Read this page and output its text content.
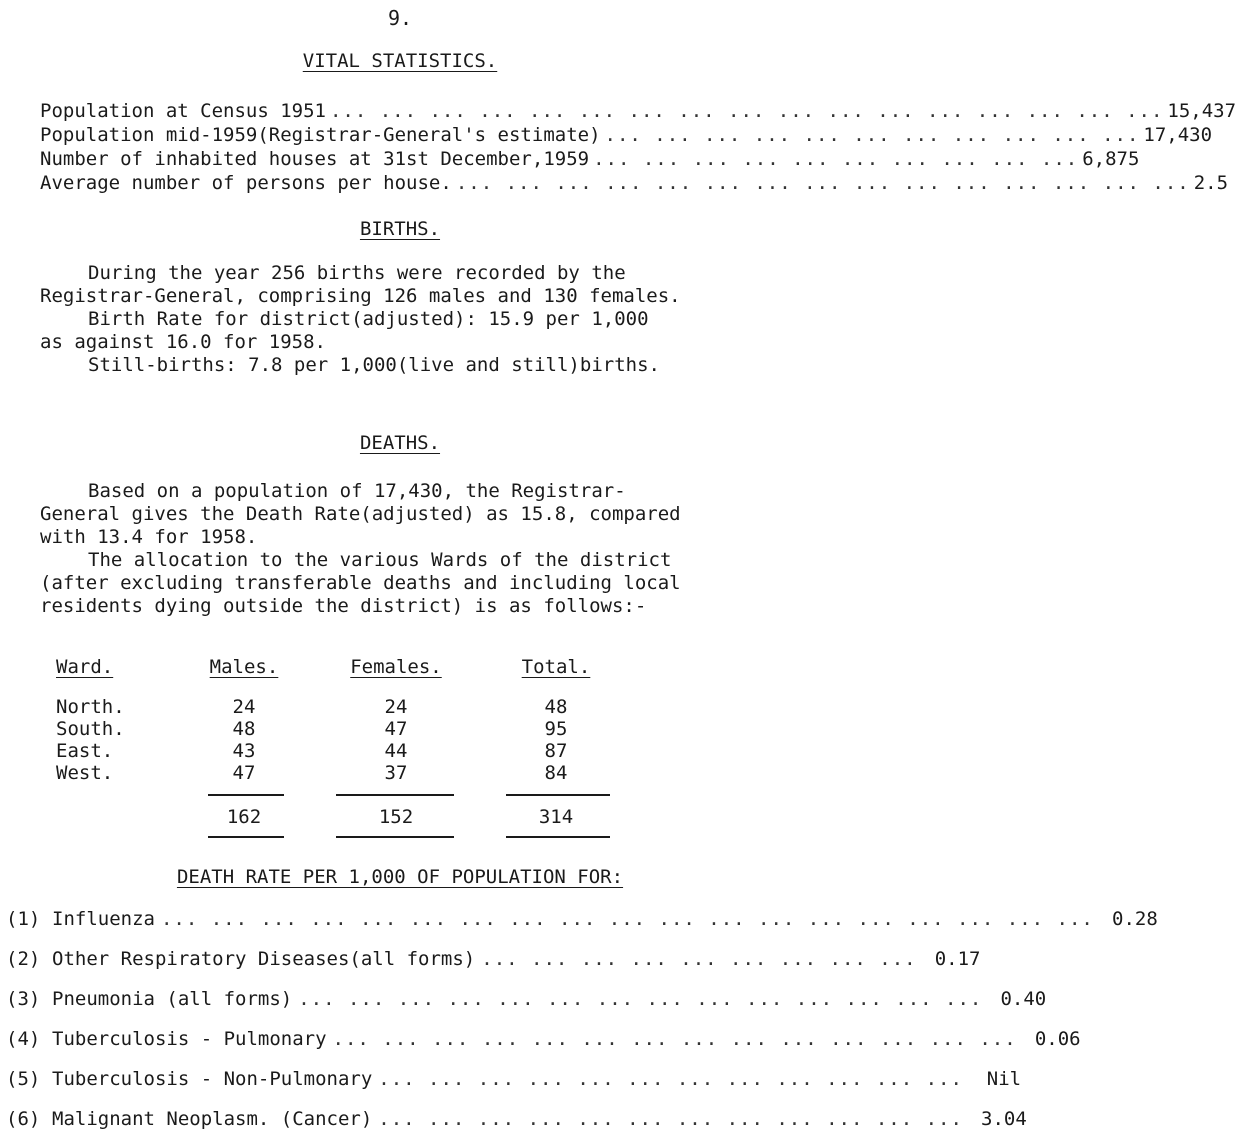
9.
VITAL STATISTICS.
Population at Census 1951 ... ... ... ... ... ... ... ... ... ... ... ... ... ... ... ... ... 15,437
Population mid-1959(Registrar-General's estimate) ... ... ... ... ... ... ... ... ... ... ... 17,430
Number of inhabited houses at 31st December,1959 ... ... ... ... ... ... ... ... ... ... 6,875
Average number of persons per house. ... ... ... ... ... ... ... ... ... ... ... ... ... ... ... 2.5
BIRTHS.

During the year 256 births were recorded by the

Registrar-General, comprising 126 males and 130 females.

Birth Rate for district(adjusted): 15.9 per 1,000

as against 16.0 for 1958.

Still-births: 7.8 per 1,000(live and still)births.

DEATHS.

Based on a population of 17,430, the Registrar-

General gives the Death Rate(adjusted) as 15.8, compared

with 13.4 for 1958.

The allocation to the various Wards of the district

(after excluding transferable deaths and including local

residents dying outside the district) is as follows:-

Ward.	Males.	Females.	Total.
North.	24	24	48
South.	48	47	95
East.	43	44	87
West.	47	37	84
162	152	314
DEATH RATE PER 1,000 OF POPULATION FOR:
(1) Influenza ... ... ... ... ... ... ... ... ... ... ... ... ... ... ... ... ... ... ... 0.28
(2) Other Respiratory Diseases(all forms) ... ... ... ... ... ... ... ... ... 0.17
(3) Pneumonia (all forms) ... ... ... ... ... ... ... ... ... ... ... ... ... ... 0.40
(4) Tuberculosis - Pulmonary ... ... ... ... ... ... ... ... ... ... ... ... ... ... 0.06
(5) Tuberculosis - Non-Pulmonary ... ... ... ... ... ... ... ... ... ... ... ...	Nil
(6) Malignant Neoplasm. (Cancer) ... ... ... ... ... ... ... ... ... ... ... ... 3.04
